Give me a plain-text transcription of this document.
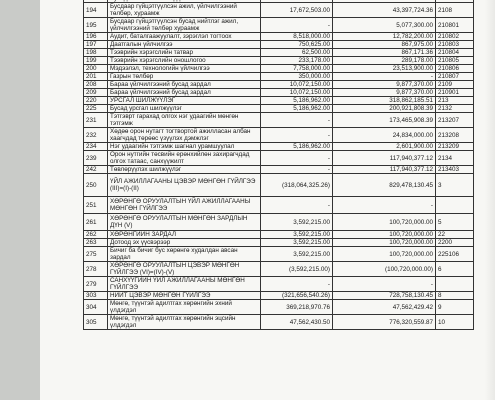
194	Бусдаар гүйцэтгүүлсэн ажил, үйлчилгээний төлбөр, хураамж	17,672,503.00	43,397,724.36	2108
195	Бусдаар гүйцэтгүүлсэн бусад нийтлэг ажил, үйлчилгээний төлбөр хураамж	-	5,077,300.00	210801
196	Аудит, баталгаажуулалт, зэрэглэл тогтоох	8,518,000.00	12,782,200.00	210802
197	Даатгалын үйлчилгээ	750,625.00	867,975.00	210803
198	Тээврийн хэрэгслийн татвар	62,500.00	867,171.36	210804
199	Тээврийн хэрэгслийн оношлогоо	233,178.00	289,178.00	210805
200	Мэдээлэл, технологийн үйлчилгээ	7,758,000.00	23,513,900.00	210806
201	Газрын төлбөр	350,000.00	-	210807
208	Бараа үйлчилгээний бусад зардал	10,072,150.00	9,877,370.00	2109
209	Бараа үйлчилгээний бусад зардал	10,072,150.00	9,877,370.00	210901
220	УРСГАЛ ШИЛЖҮҮЛЭГ	5,186,962.00	318,862,185.51	213
225	Бусад урсгал шилжүүлэг	5,186,962.00	200,921,808.39	2132
231	Тэтгэврт гарахад олгох нэг удаагийн мөнгөн тэтгэмж	-	173,465,908.39	213207
232	Хөдөө орон нутагт тогтвортой ажилласан албан хаагчдад төрөөс үзүүлэх дэмжлэг	-	24,834,000.00	213208
234	Нэг удаагийн тэтгэмж шагнал урамшуулал	5,186,962.00	2,601,900.00	213209
239	Орон нутгийн төсвийн ерөнхийлөн захирагчдад олгох татаас, санхүүжилт	-	117,940,377.12	2134
242	Төвлөрүүлэх шилжүүлэг	-	117,940,377.12	213403
250	ҮЙЛ АЖИЛЛАГААНЫ ЦЭВЭР МӨНГӨН ГҮЙЛГЭЭ (III)=(I)-(II)	(318,064,325.26)	829,478,130.45	3
251	ХӨРӨНГӨ ОРУУЛАЛТЫН ҮЙЛ АЖИЛЛАГААНЫ МӨНГӨН ГҮЙЛГЭЭ	-	-	
261	ХӨРӨНГӨ ОРУУЛАЛТЫН МӨНГӨН ЗАРДЛЫН ДҮН (V)	3,592,215.00	100,720,000.00	5
262	ХӨРӨНГИЙН ЗАРДАЛ	3,592,215.00	100,720,000.00	22
263	Дотоод эх үүсвэрээр	3,592,215.00	100,720,000.00	2200
275	Бичиг ба бичиг бус хөрөнгө худалдан авсан зардал	3,592,215.00	100,720,000.00	225106
278	ХӨРӨНГӨ ОРУУЛАЛТЫН ЦЭВЭР МӨНГӨН ГҮЙЛГЭЭ (VI)=(IV)-(V)	(3,592,215.00)	(100,720,000.00)	6
279	САНХҮҮГИЙН ҮЙЛ АЖИЛЛАГААНЫ МӨНГӨН ГҮЙЛГЭЭ	-	-	
303	НИЙТ ЦЭВЭР МӨНГӨН ГҮЙЛГЭЭ	(321,656,540.26)	728,758,130.45	8
304	Мөнгө, түүнтэй адилтгах хөрөнгийн эхний үлдэгдэл	369,218,970.76	47,562,429.42	9
305	Мөнгө, түүнтэй адилтгах хөрөнгийн эцсийн үлдэгдэл	47,562,430.50	776,320,559.87	10
